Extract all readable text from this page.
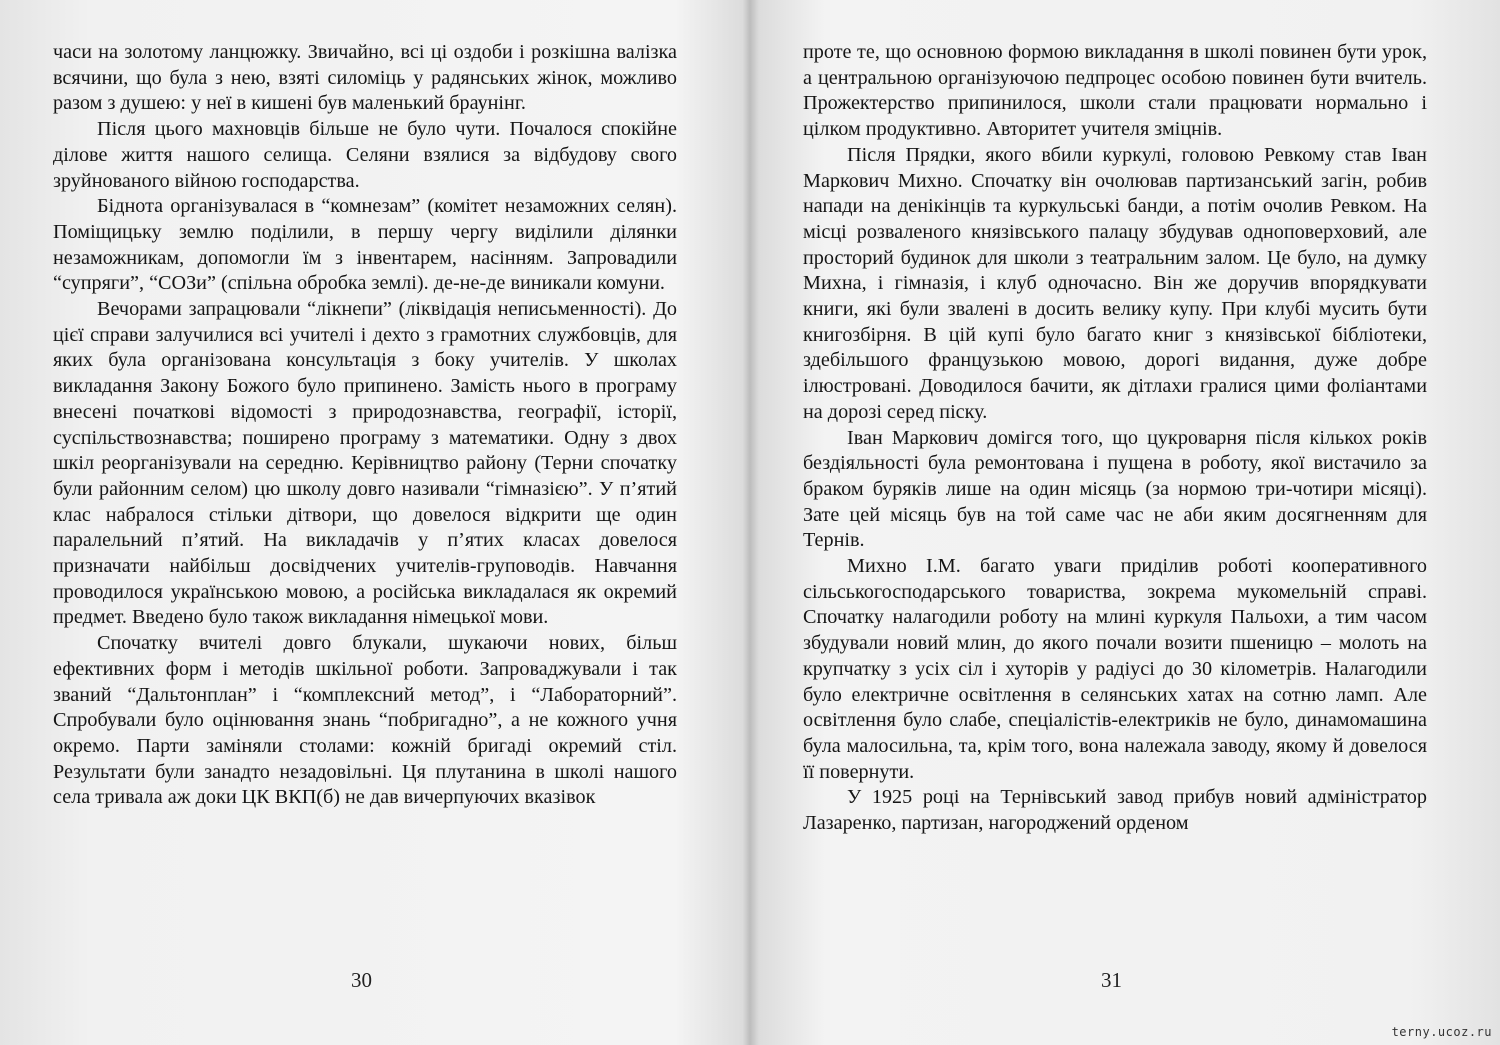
часи на золотому ланцюжку. Звичайно, всі ці оздоби і розкішна валізка всячини, що була з нею, взяті силоміць у радянських жінок, можливо разом з душею: у неї в кишені був маленький браунінг.

Після цього махновців більше не було чути. Почалося спокійне ділове життя нашого селища. Селяни взялися за відбудову свого зруйнованого війною господарства.

Біднота організувалася в “комнезам” (комітет незаможних селян). Поміщицьку землю поділили, в першу чергу виділили ділянки незаможникам, допомогли їм з інвентарем, насінням. Запровадили “супряги”, “СОЗи” (спільна обробка землі). де-не-де виникали комуни.

Вечорами запрацювали “лікнепи” (ліквідація неписьменності). До цієї справи залучилися всі учителі і дехто з грамотних службовців, для яких була організована консультація з боку учителів. У школах викладання Закону Божого було припинено. Замість нього в програму внесені початкові відомості з природознавства, географії, історії, суспільствознавства; поширено програму з математики. Одну з двох шкіл реорганізували на середню. Керівництво району (Терни спочатку були районним селом) цю школу довго називали “гімназією”. У п’ятий клас набралося стільки дітвори, що довелося відкрити ще один паралельний п’ятий. На викладачів у п’ятих класах довелося призначати найбільш досвідчених учителів-груповодів. Навчання проводилося українською мовою, а російська викладалася як окремий предмет. Введено було також викладання німецької мови.

Спочатку вчителі довго блукали, шукаючи нових, більш ефективних форм і методів шкільної роботи. Запроваджували і так званий “Дальтонплан” і “комплексний метод”, і “Лабораторний”. Спробували було оцінювання знань “побригадно”, а не кожного учня окремо. Парти заміняли столами: кожній бригаді окремий стіл. Результати були занадто незадовільні. Ця плутанина в школі нашого села тривала аж доки ЦК ВКП(б) не дав вичерпуючих вказівок

30

проте те, що основною формою викладання в школі повинен бути урок, а центральною організуючою педпроцес особою повинен бути вчитель. Прожектерство припинилося, школи стали працювати нормально і цілком продуктивно. Авторитет учителя зміцнів.

Після Прядки, якого вбили куркулі, головою Ревкому став Іван Маркович Михно. Спочатку він очолював партизанський загін, робив напади на денікінців та куркульські банди, а потім очолив Ревком. На місці розваленого князівського палацу збудував одноповерховий, але просторий будинок для школи з театральним залом. Це було, на думку Михна, і гімназія, і клуб одночасно. Він же доручив впорядкувати книги, які були звалені в досить велику купу. При клубі мусить бути книгозбірня. В цій купі було багато книг з князівської бібліотеки, здебільшого французькою мовою, дорогі видання, дуже добре ілюстровані. Доводилося бачити, як дітлахи гралися цими фоліантами на дорозі серед піску.

Іван Маркович домігся того, що цукроварня після кількох років бездіяльності була ремонтована і пущена в роботу, якої вистачило за браком буряків лише на один місяць (за нормою три-чотири місяці). Зате цей місяць був на той саме час не аби яким досягненням для Тернів.

Михно І.М. багато уваги приділив роботі кооперативного сільськогосподарського товариства, зокрема мукомельній справі. Спочатку налагодили роботу на млині куркуля Пальохи, а тим часом збудували новий млин, до якого почали возити пшеницю – молоть на крупчатку з усіх сіл і хуторів у радіусі до 30 кілометрів. Налагодили було електричне освітлення в селянських хатах на сотню ламп. Але освітлення було слабе, спеціалістів-електриків не було, динамомашина була малосильна, та, крім того, вона належала заводу, якому й довелося її повернути.

У 1925 році на Тернівський завод прибув новий адміністратор Лазаренко, партизан, нагороджений орденом

31
terny.ucoz.ru
